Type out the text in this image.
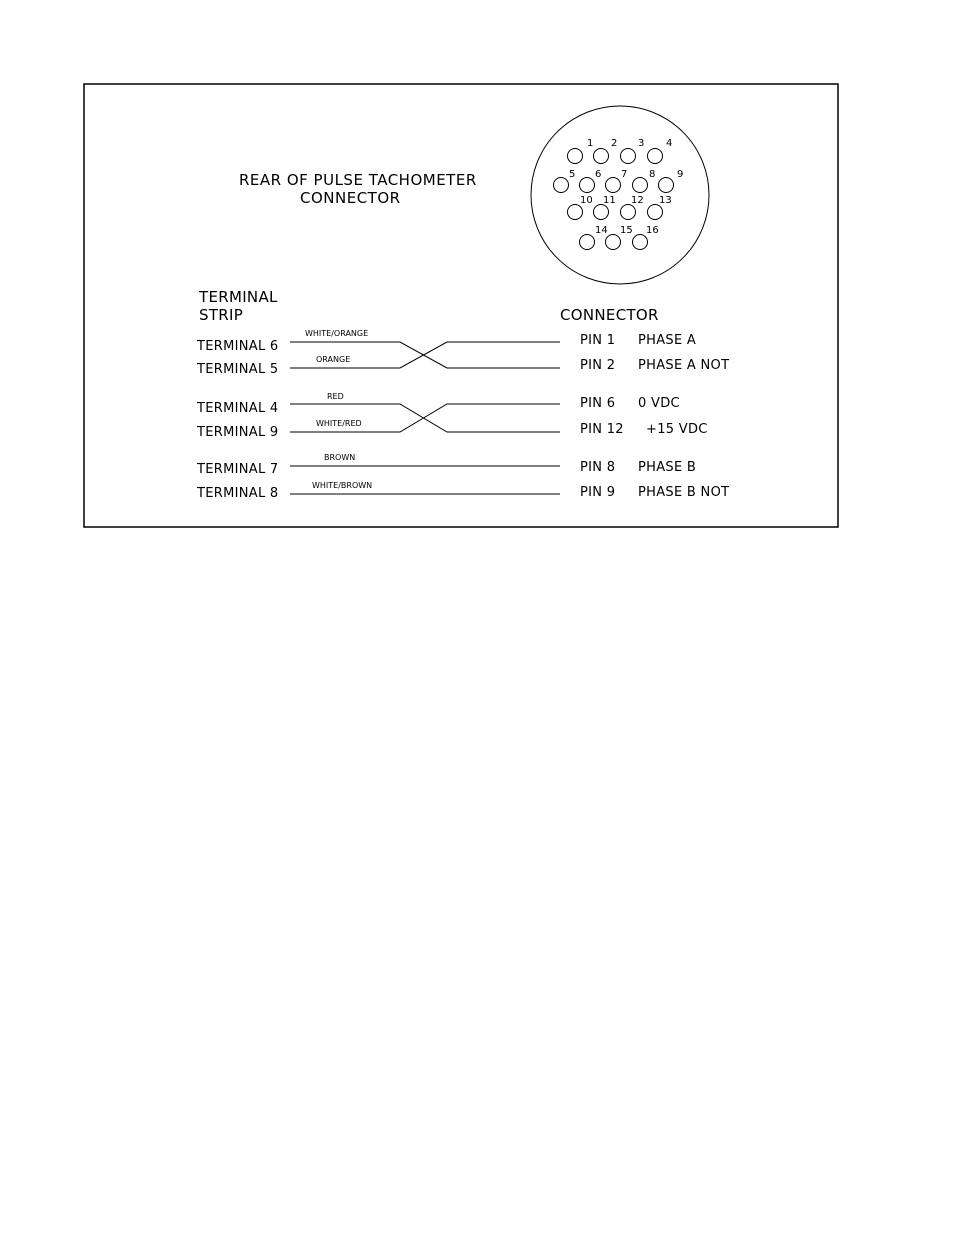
REAR OF PULSE TACHOMETER
CONNECTOR
1 2 3 4
5 6 7 8 9
10 11 12 13
14 15 16
TERMINAL
STRIP	CONNECTOR
TERMINAL 6
TERMINAL 5
WHITE/ORANGE
ORANGE
PIN 1 PHASE A
PIN 2 PHASE A NOT
TERMINAL 4
TERMINAL 9
RED
WHITE/RED
PIN 6 0 VDC
PIN 12 +15 VDC
TERMINAL 7
TERMINAL 8
BROWN
WHITE/BROWN
PIN 8 PHASE B
PIN 9 PHASE B NOT
